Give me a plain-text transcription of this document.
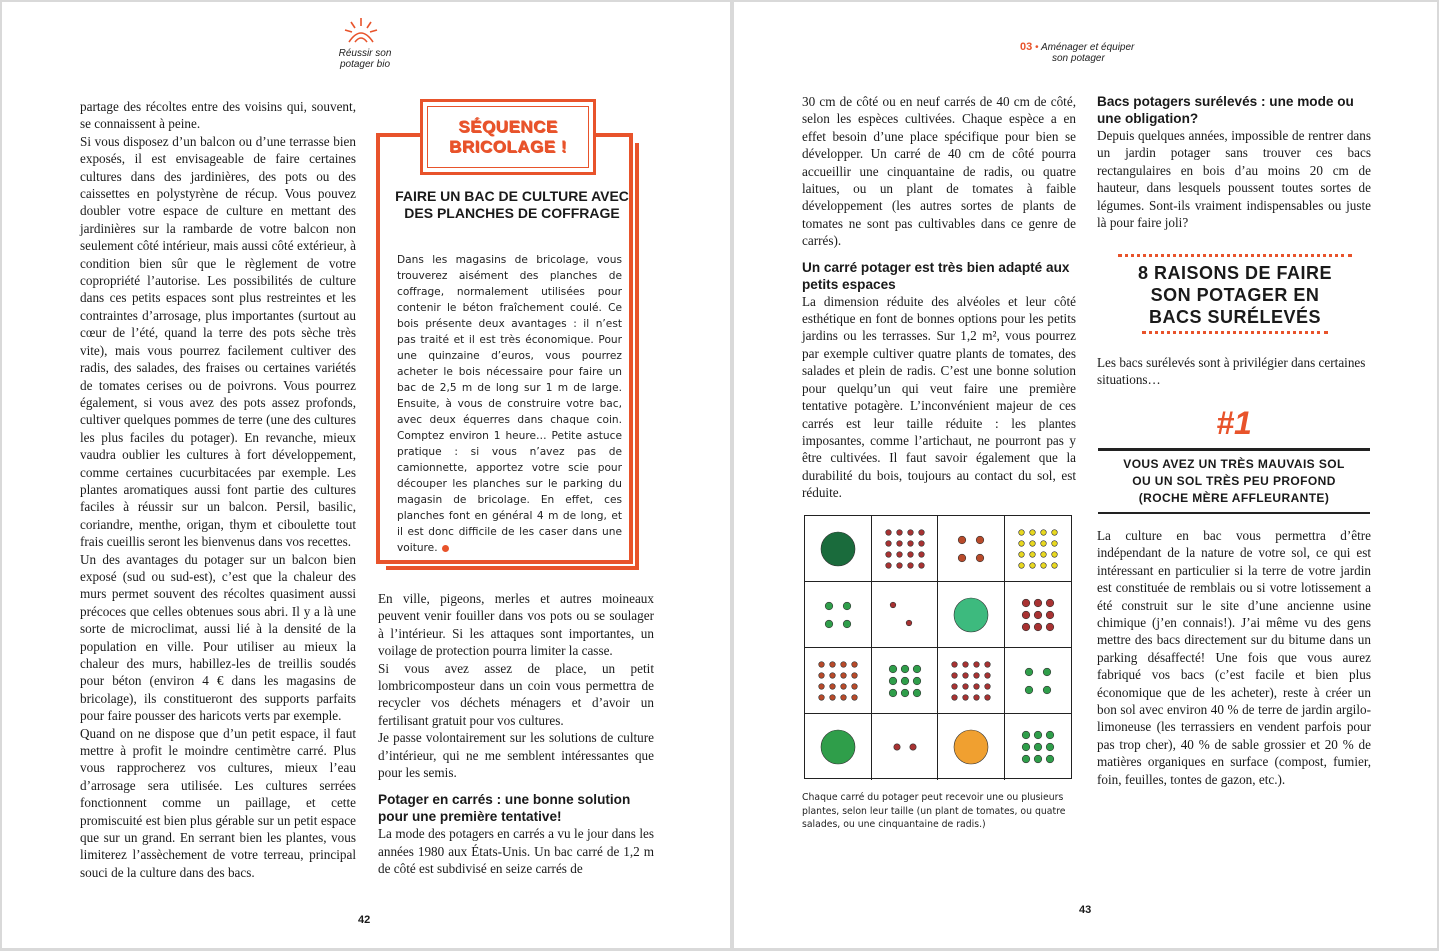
Réussir son
potager bio

partage des récoltes entre des voisins qui, souvent, se connaissent à peine.

Si vous disposez d’un balcon ou d’une terrasse bien exposés, il est envisageable de faire certaines cultures dans des jardinières, des pots ou des caissettes en polystyrène de récup. Vous pouvez doubler votre espace de culture en mettant des jardinières sur la rambarde de votre balcon non seulement côté intérieur, mais aussi côté extérieur, à condition bien sûr que le règlement de votre copropriété l’autorise. Les possibilités de culture dans ces petits espaces sont plus restreintes et les contraintes d’arrosage, plus importantes (surtout au cœur de l’été, quand la terre des pots sèche très vite), mais vous pourrez facilement cultiver des radis, des salades, des fraises ou certaines variétés de tomates cerises ou de poivrons. Vous pourrez également, si vous avez des pots assez profonds, cultiver quelques pommes de terre (une des cultures les plus faciles du potager). En revanche, mieux vaudra oublier les cultures à fort développement, comme certaines cucurbitacées par exemple. Les plantes aromatiques aussi font partie des cultures faciles à réussir sur un balcon. Persil, basilic, coriandre, menthe, origan, thym et ciboulette tout frais cueillis seront les bienvenus dans vos recettes.

Un des avantages du potager sur un balcon bien exposé (sud ou sud-est), c’est que la chaleur des murs permet souvent des récoltes quasiment aussi précoces que celles obtenues sous abri. Il y a là une sorte de microclimat, aussi lié à la densité de la population en ville. Pour utiliser au mieux la chaleur des murs, habillez-les de treillis soudés pour béton (environ 4 € dans les magasins de bricolage), ils constitueront des supports parfaits pour faire pousser des haricots verts par exemple.

Quand on ne dispose que d’un petit espace, il faut mettre à profit le moindre centimètre carré. Plus vous rapprocherez vos cultures, mieux l’eau d’arrosage sera utilisée. Les cultures serrées fonctionnent comme un paillage, et cette promiscuité est bien plus gérable sur un petit espace que sur un grand. En serrant bien les plantes, vous limiterez l’assèchement de votre terreau, principal souci de la culture dans des bacs.

SÉQUENCE
BRICOLAGE !
FAIRE UN BAC DE CULTURE AVEC DES PLANCHES DE COFFRAGE
Dans les magasins de bricolage, vous trouverez aisément des planches de coffrage, normalement utilisées pour contenir le béton fraîchement coulé. Ce bois présente deux avantages : il n’est pas traité et il est très économique. Pour une quinzaine d’euros, vous pourrez acheter le bois nécessaire pour faire un bac de 2,5 m de long sur 1 m de large. Ensuite, à vous de construire votre bac, avec deux équerres dans chaque coin. Comptez environ 1 heure… Petite astuce pratique : si vous n’avez pas de camionnette, apportez votre scie pour découper les planches sur le parking du magasin de bricolage. En effet, ces planches font en général 4 m de long, et il est donc difficile de les caser dans une voiture.

En ville, pigeons, merles et autres moineaux peuvent venir fouiller dans vos pots ou se soulager à l’intérieur. Si les attaques sont importantes, un voilage de protection pourra limiter la casse.

Si vous avez assez de place, un petit lombricomposteur dans un coin vous permettra de recycler vos déchets ménagers et d’avoir un fertilisant gratuit pour vos cultures.

Je passe volontairement sur les solutions de culture d’intérieur, qui ne me semblent intéressantes que pour les semis.

Potager en carrés : une bonne solution pour une première tentative!

La mode des potagers en carrés a vu le jour dans les années 1980 aux États-Unis. Un bac carré de 1,2 m de côté est subdivisé en seize carrés de

42
03 • Aménager et équiper
son potager

30 cm de côté ou en neuf carrés de 40 cm de côté, selon les espèces cultivées. Chaque espèce a en effet besoin d’une place spécifique pour bien se développer. Un carré de 40 cm de côté pourra accueillir une cinquantaine de radis, ou quatre laitues, ou un plant de tomates à faible développement (les autres sortes de plants de tomates ne sont pas cultivables dans ce genre de carrés).

Un carré potager est très bien adapté aux petits espaces

La dimension réduite des alvéoles et leur côté esthétique en font de bonnes options pour les petits jardins ou les terrasses. Sur 1,2 m², vous pourrez par exemple cultiver quatre plants de tomates, des salades et plein de radis. C’est une bonne solution pour quelqu’un qui veut faire une première tentative potagère. L’inconvénient majeur de ces carrés est leur taille réduite : les plantes imposantes, comme l’artichaut, ne pourront pas y être cultivées. Il faut savoir également que la durabilité du bois, toujours au contact du sol, est réduite.

Bacs potagers surélevés : une mode ou une obligation?

Depuis quelques années, impossible de rentrer dans un jardin potager sans trouver ces bacs rectangulaires en bois d’au moins 20 cm de hauteur, dans lesquels poussent toutes sortes de légumes. Sont-ils vraiment indispensables ou juste là pour faire joli?

Chaque carré du potager peut recevoir une ou plusieurs plantes, selon leur taille (un plant de tomates, ou quatre salades, ou une cinquantaine de radis.)
Les bacs surélevés sont à privilégier dans certaines situations…
La culture en bac vous permettra d’être indépendant de la nature de votre sol, ce qui est intéressant en particulier si la terre de votre jardin est constituée de remblais ou si votre lotissement a été construit sur le site d’une ancienne usine chimique (j’en connais!). J’ai même vu des gens mettre des bacs directement sur du bitume dans un parking désaffecté! Une fois que vous aurez fabriqué vos bacs (c’est facile et bien plus économique que de les acheter), reste à créer un bon sol avec environ 40 % de terre de jardin argilo-limoneuse (les terrassiers en vendent parfois pour pas trop cher), 40 % de sable grossier et 20 % de matières organiques en surface (compost, fumier, foin, feuilles, tontes de gazon, etc.).
43
8 RAISONS DE FAIRE
SON POTAGER EN
BACS SURÉLEVÉS
#1
VOUS AVEZ UN TRÈS MAUVAIS SOL
OU UN SOL TRÈS PEU PROFOND
(ROCHE MÈRE AFFLEURANTE)
